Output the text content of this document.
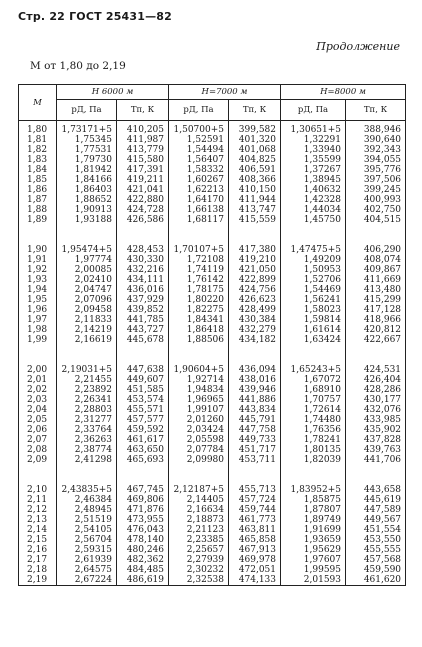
Стр. 22 ГОСТ 25431—82
Продолжение
М от 1,80 до 2,19
М	H 6000 м		H=7000 м		H=8000 м	
	pД, Па	Tп, К	pД, Па	Tп, К	pД, Па	Tп, К

1,80	1,73171+5	410,205	1,50700+5	399,582	1,30651+5	388,946
1,81	1,75345	411,987	1,52591	401,320	1,32291	390,640
1,82	1,77531	413,779	1,54494	401,068	1,33940	392,343
1,83	1,79730	415,580	1,56407	404,825	1,35599	394,055
1,84	1,81942	417,391	1,58332	406,591	1,37267	395,776
1,85	1,84166	419,211	1,60267	408,366	1,38945	397,506
1,86	1,86403	421,041	1,62213	410,150	1,40632	399,245
1,87	1,88652	422,880	1,64170	411,944	1,42328	400,993
1,88	1,90913	424,728	1,66138	413,747	1,44034	402,750
1,89	1,93188	426,586	1,68117	415,559	1,45750	404,515

1,90	1,95474+5	428,453	1,70107+5	417,380	1,47475+5	406,290
1,91	1,97774	430,330	1,72108	419,210	1,49209	408,074
1,92	2,00085	432,216	1,74119	421,050	1,50953	409,867
1,93	2,02410	434,111	1,76142	422,899	1,52706	411,669
1,94	2,04747	436,016	1,78175	424,756	1,54469	413,480
1,95	2,07096	437,929	1,80220	426,623	1,56241	415,299
1,96	2,09458	439,852	1,82275	428,499	1,58023	417,128
1,97	2,11833	441,785	1,84341	430,384	1,59814	418,966
1,98	2,14219	443,727	1,86418	432,279	1,61614	420,812
1,99	2,16619	445,678	1,88506	434,182	1,63424	422,667

2,00	2,19031+5	447,638	1,90604+5	436,094	1,65243+5	424,531
2,01	2,21455	449,607	1,92714	438,016	1,67072	426,404
2,02	2,23892	451,585	1,94834	439,946	1,68910	428,286
2,03	2,26341	453,574	1,96965	441,886	1,70757	430,177
2,04	2,28803	455,571	1,99107	443,834	1,72614	432,076
2,05	2,31277	457,577	2,01260	445,791	1,74480	433,985
2,06	2,33764	459,592	2,03424	447,758	1,76356	435,902
2,07	2,36263	461,617	2,05598	449,733	1,78241	437,828
2,08	2,38774	463,650	2,07784	451,717	1,80135	439,763
2,09	2,41298	465,693	2,09980	453,711	1,82039	441,706

2,10	2,43835+5	467,745	2,12187+5	455,713	1,83952+5	443,658
2,11	2,46384	469,806	2,14405	457,724	1,85875	445,619
2,12	2,48945	471,876	2,16634	459,744	1,87807	447,589
2,13	2,51519	473,955	2,18873	461,773	1,89749	449,567
2,14	2,54105	476,043	2,21123	463,811	1,91699	451,554
2,15	2,56704	478,140	2,23385	465,858	1,93659	453,550
2,16	2,59315	480,246	2,25657	467,913	1,95629	455,555
2,17	2,61939	482,362	2,27939	469,978	1,97607	457,568
2,18	2,64575	484,485	2,30232	472,051	1,99595	459,590
2,19	2,67224	486,619	2,32538	474,133	2,01593	461,620
